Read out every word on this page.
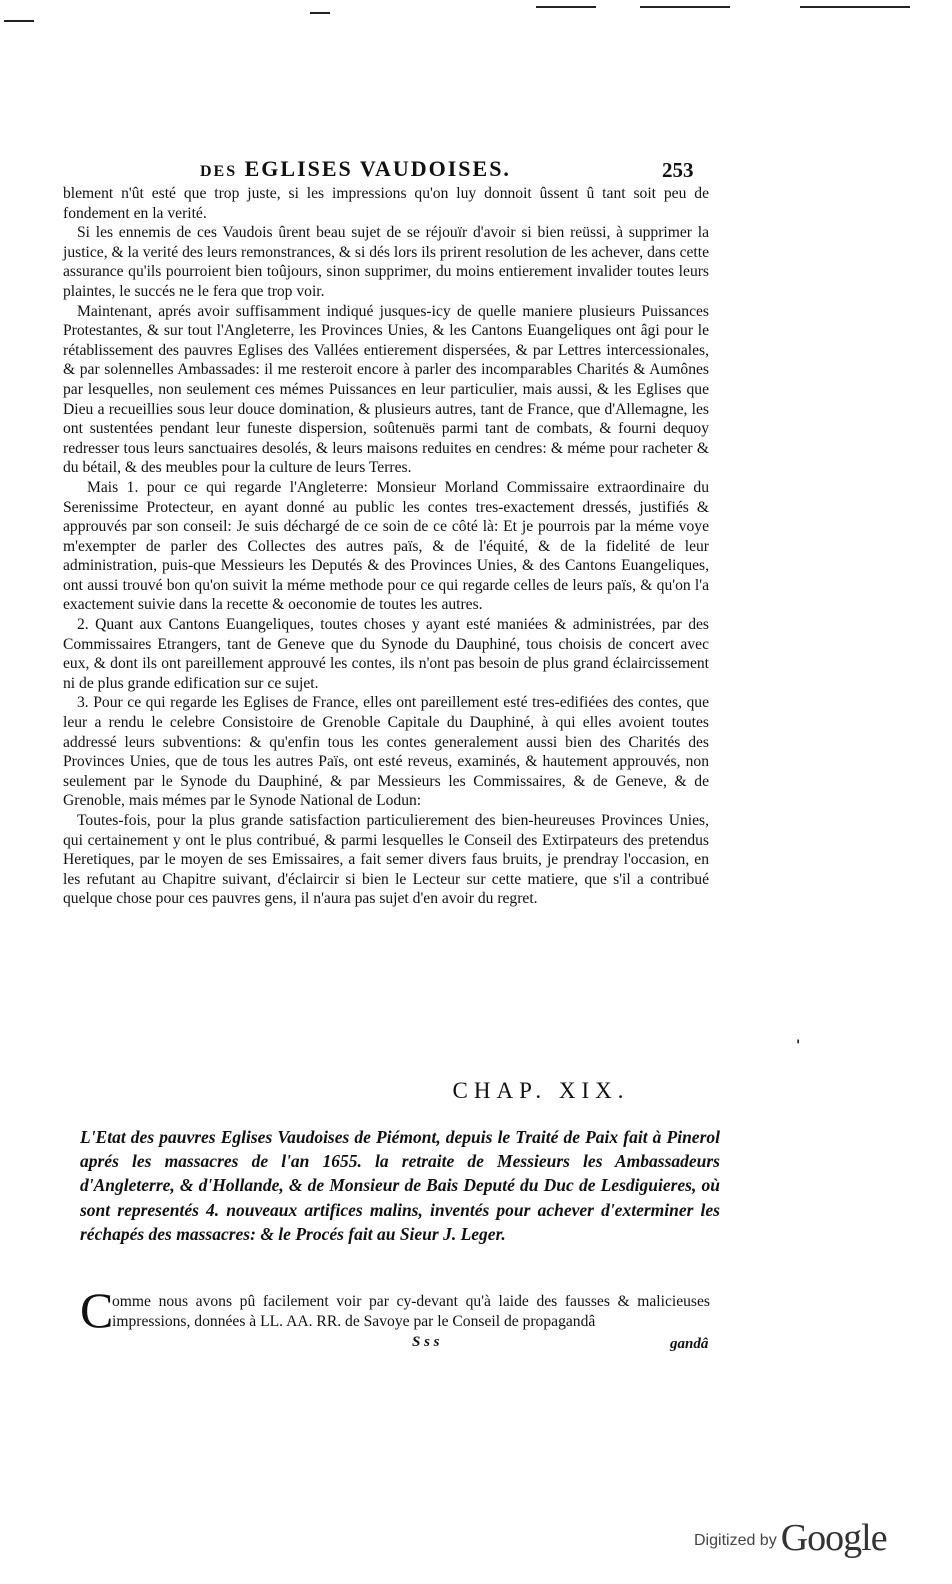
DES EGLISES VAUDOISES.	253

blement n'ût esté que trop juste, si les impressions qu'on luy donnoit ûssent û tant soit peu de fondement en la verité.

Si les ennemis de ces Vaudois ûrent beau sujet de se réjouïr d'avoir si bien reüssi, à supprimer la justice, & la verité des leurs remonstrances, & si dés lors ils prirent resolution de les achever, dans cette assurance qu'ils pourroient bien toûjours, sinon supprimer, du moins entierement invalider toutes leurs plaintes, le succés ne le fera que trop voir.

Maintenant, aprés avoir suffisamment indiqué jusques-icy de quelle maniere plusieurs Puissances Protestantes, & sur tout l'Angleterre, les Provinces Unies, & les Cantons Euangeliques ont âgi pour le rétablissement des pauvres Eglises des Vallées entierement dispersées, & par Lettres intercessionales, & par solennelles Ambassades: il me resteroit encore à parler des incomparables Charités & Aumônes par lesquelles, non seulement ces mémes Puissances en leur particulier, mais aussi, & les Eglises que Dieu a recueillies sous leur douce domination, & plusieurs autres, tant de France, que d'Allemagne, les ont sustentées pendant leur funeste dispersion, soûtenuës parmi tant de combats, & fourni dequoy redresser tous leurs sanctuaires desolés, & leurs maisons reduites en cendres: & méme pour racheter & du bétail, & des meubles pour la culture de leurs Terres.

Mais 1. pour ce qui regarde l'Angleterre: Monsieur Morland Commissaire extraordinaire du Serenissime Protecteur, en ayant donné au public les contes tres-exactement dressés, justifiés & approuvés par son conseil: Je suis déchargé de ce soin de ce côté là: Et je pourrois par la méme voye m'exempter de parler des Collectes des autres païs, & de l'équité, & de la fidelité de leur administration, puis-que Messieurs les Deputés & des Provinces Unies, & des Cantons Euangeliques, ont aussi trouvé bon qu'on suivit la méme methode pour ce qui regarde celles de leurs païs, & qu'on l'a exactement suivie dans la recette & oeconomie de toutes les autres.

2. Quant aux Cantons Euangeliques, toutes choses y ayant esté maniées & administrées, par des Commissaires Etrangers, tant de Geneve que du Synode du Dauphiné, tous choisis de concert avec eux, & dont ils ont pareillement approuvé les contes, ils n'ont pas besoin de plus grand éclaircissement ni de plus grande edification sur ce sujet.

3. Pour ce qui regarde les Eglises de France, elles ont pareillement esté tres-edifiées des contes, que leur a rendu le celebre Consistoire de Grenoble Capitale du Dauphiné, à qui elles avoient toutes addressé leurs subventions: & qu'enfin tous les contes generalement aussi bien des Charités des Provinces Unies, que de tous les autres Païs, ont esté reveus, examinés, & hautement approuvés, non seulement par le Synode du Dauphiné, & par Messieurs les Commissaires, & de Geneve, & de Grenoble, mais mémes par le Synode National de Lodun:

Toutes-fois, pour la plus grande satisfaction particulierement des bien-heureuses Provinces Unies, qui certainement y ont le plus contribué, & parmi lesquelles le Conseil des Extirpateurs des pretendus Heretiques, par le moyen de ses Emissaires, a fait semer divers faus bruits, je prendray l'occasion, en les refutant au Chapitre suivant, d'éclaircir si bien le Lecteur sur cette matiere, que s'il a contribué quelque chose pour ces pauvres gens, il n'aura pas sujet d'en avoir du regret.

'
CHAP. XIX.
L'Etat des pauvres Eglises Vaudoises de Piémont, depuis le Traité de Paix fait à Pinerol aprés les massacres de l'an 1655. la retraite de Messieurs les Ambassadeurs d'Angleterre, & d'Hollande, & de Monsieur de Bais Deputé du Duc de Lesdiguieres, où sont representés 4. nouveaux artifices malins, inventés pour achever d'exterminer les réchapés des massacres: & le Procés fait au Sieur J. Leger.
C

omme nous avons pû facilement voir par cy-devant qu'à laide des fausses & malicieuses impressions, données à LL. AA. RR. de Savoye par le Conseil de propagandâ

S s s	gandâ
Digitized by Google
